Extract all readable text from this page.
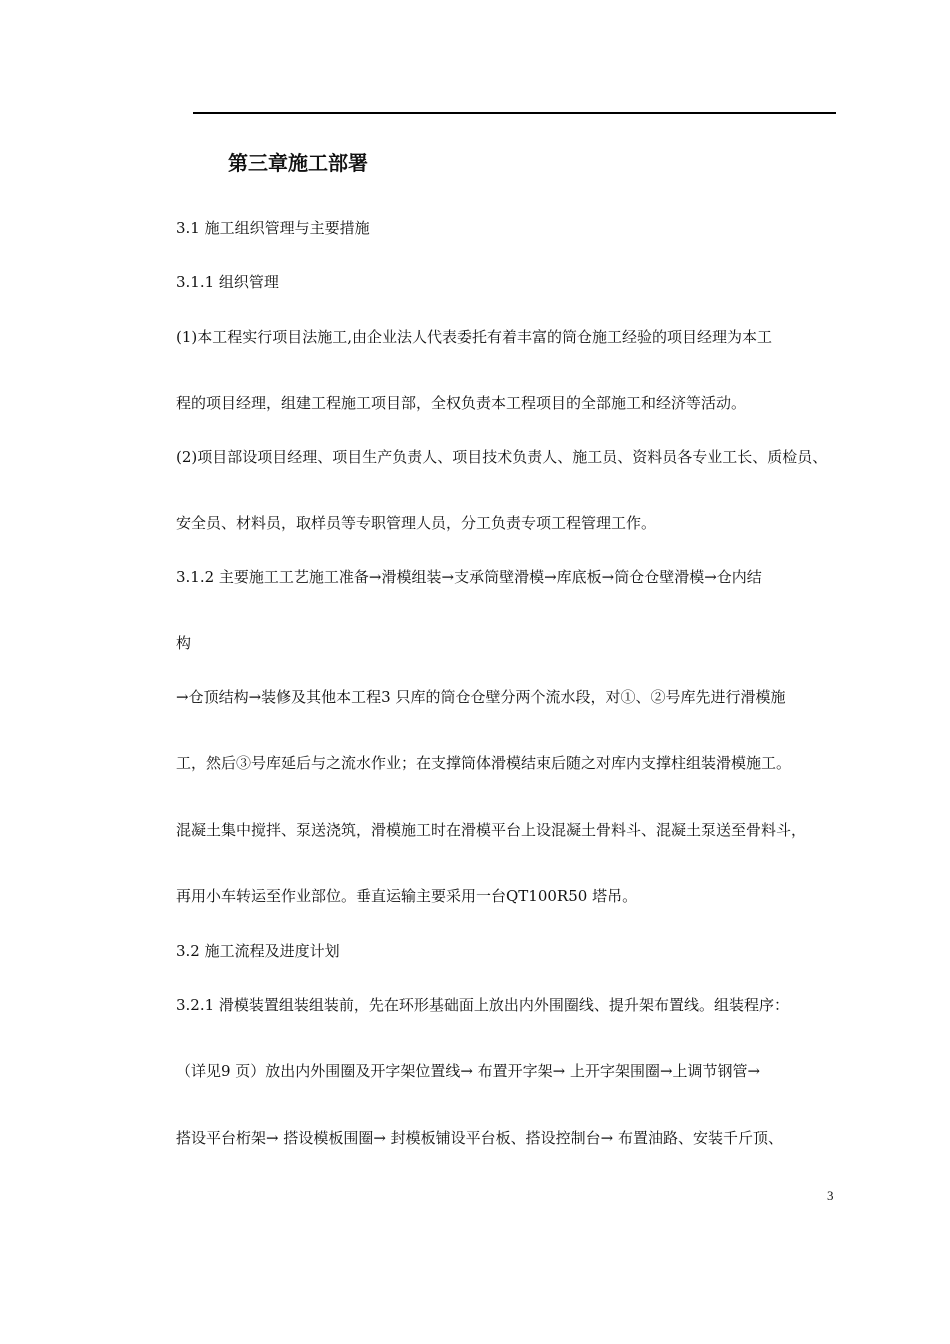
第三章施工部署
3.1 施工组织管理与主要措施
3.1.1 组织管理
(1)本工程实行项目法施工,由企业法人代表委托有着丰富的筒仓施工经验的项目经理为本工
程的项目经理，组建工程施工项目部，全权负责本工程项目的全部施工和经济等活动。
(2)项目部设项目经理、项目生产负责人、项目技术负责人、施工员、资料员各专业工长、质检员、
安全员、材料员，取样员等专职管理人员，分工负责专项工程管理工作。
3.1.2 主要施工工艺施工准备→滑模组装→支承筒壁滑模→库底板→筒仓仓壁滑模→仓内结
构
→仓顶结构→装修及其他本工程3 只库的筒仓仓壁分两个流水段，对①、②号库先进行滑模施
工，然后③号库延后与之流水作业；在支撑筒体滑模结束后随之对库内支撑柱组装滑模施工。
混凝土集中搅拌、泵送浇筑，滑模施工时在滑模平台上设混凝土骨料斗、混凝土泵送至骨料斗，
再用小车转运至作业部位。垂直运输主要采用一台QT100R50 塔吊。
3.2 施工流程及进度计划
3.2.1 滑模装置组装组装前，先在环形基础面上放出内外围圈线、提升架布置线。组装程序：
（详见9 页）放出内外围圈及开字架位置线→ 布置开字架→ 上开字架围圈→上调节钢管→
搭设平台桁架→ 搭设模板围圈→ 封模板铺设平台板、搭设控制台→ 布置油路、安装千斤顶、
3
